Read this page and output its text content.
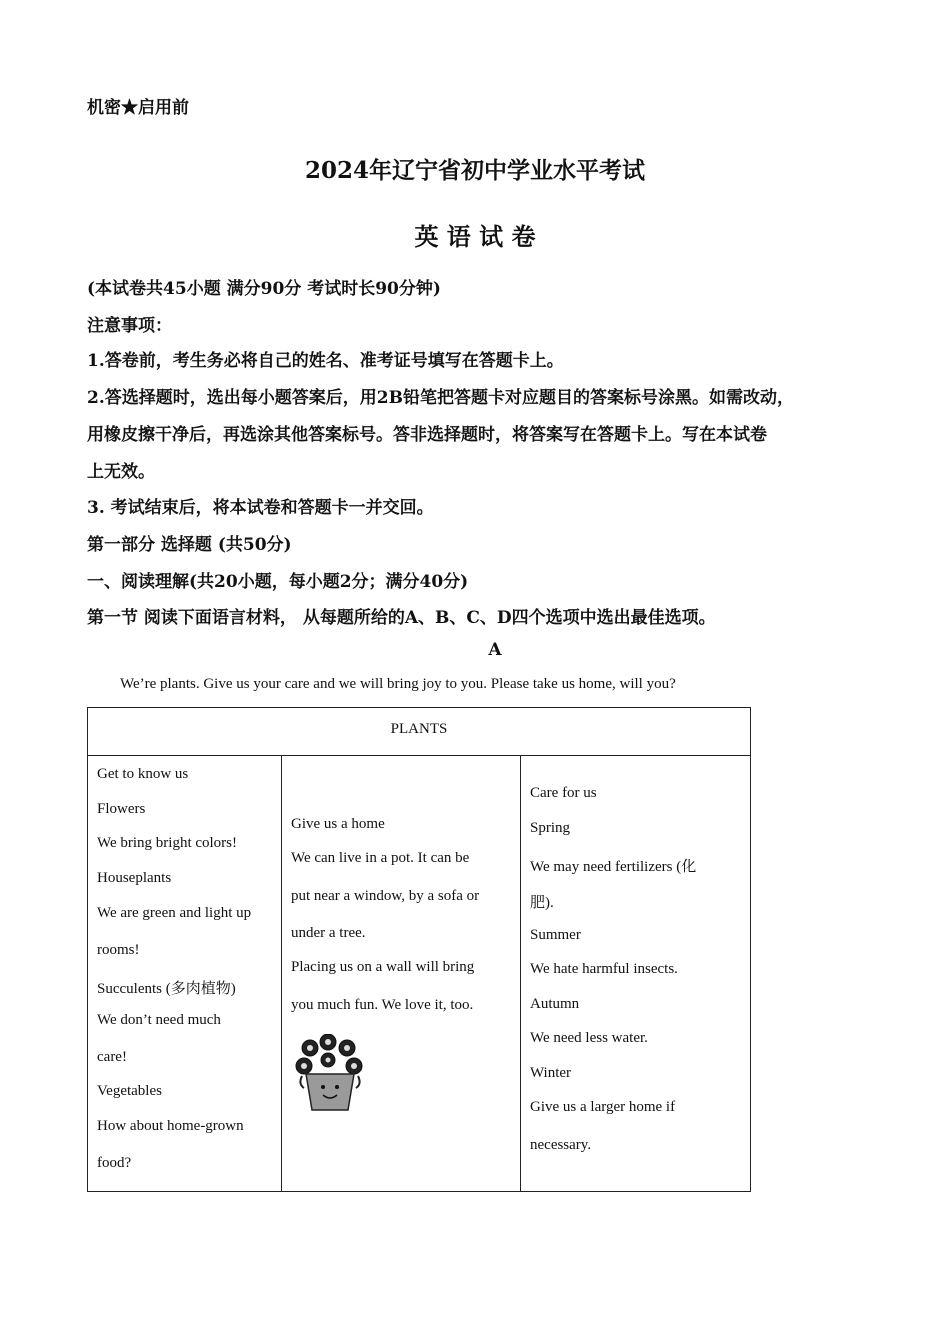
机密★启用前
2024年辽宁省初中学业水平考试
英 语 试 卷
(本试卷共45小题 满分90分 考试时长90分钟)
注意事项：
1.答卷前，考生务必将自己的姓名、准考证号填写在答题卡上。
2.答选择题时，选出每小题答案后，用2B铅笔把答题卡对应题目的答案标号涂黑。如需改动，
用橡皮擦干净后，再选涂其他答案标号。答非选择题时，将答案写在答题卡上。写在本试卷
上无效。
3. 考试结束后，将本试卷和答题卡一并交回。
第一部分 选择题 (共50分)
一、阅读理解(共20小题，每小题2分；满分40分)
第一节 阅读下面语言材料， 从每题所给的A、B、C、D四个选项中选出最佳选项。
A
We’re plants. Give us your care and we will bring joy to you. Please take us home, will you?
PLANTS
Get to know us
Flowers
We bring bright colors!
Houseplants
We are green and light up
rooms!
Succulents (多肉植物)
We don’t need much
care!
Vegetables
How about home-grown
food?
Give us a home
We can live in a pot. It can be
put near a window, by a sofa or
under a tree.
Placing us on a wall will bring
you much fun. We love it, too.
Care for us
Spring
We may need fertilizers (化
肥).
Summer
We hate harmful insects.
Autumn
We need less water.
Winter
Give us a larger home if
necessary.
